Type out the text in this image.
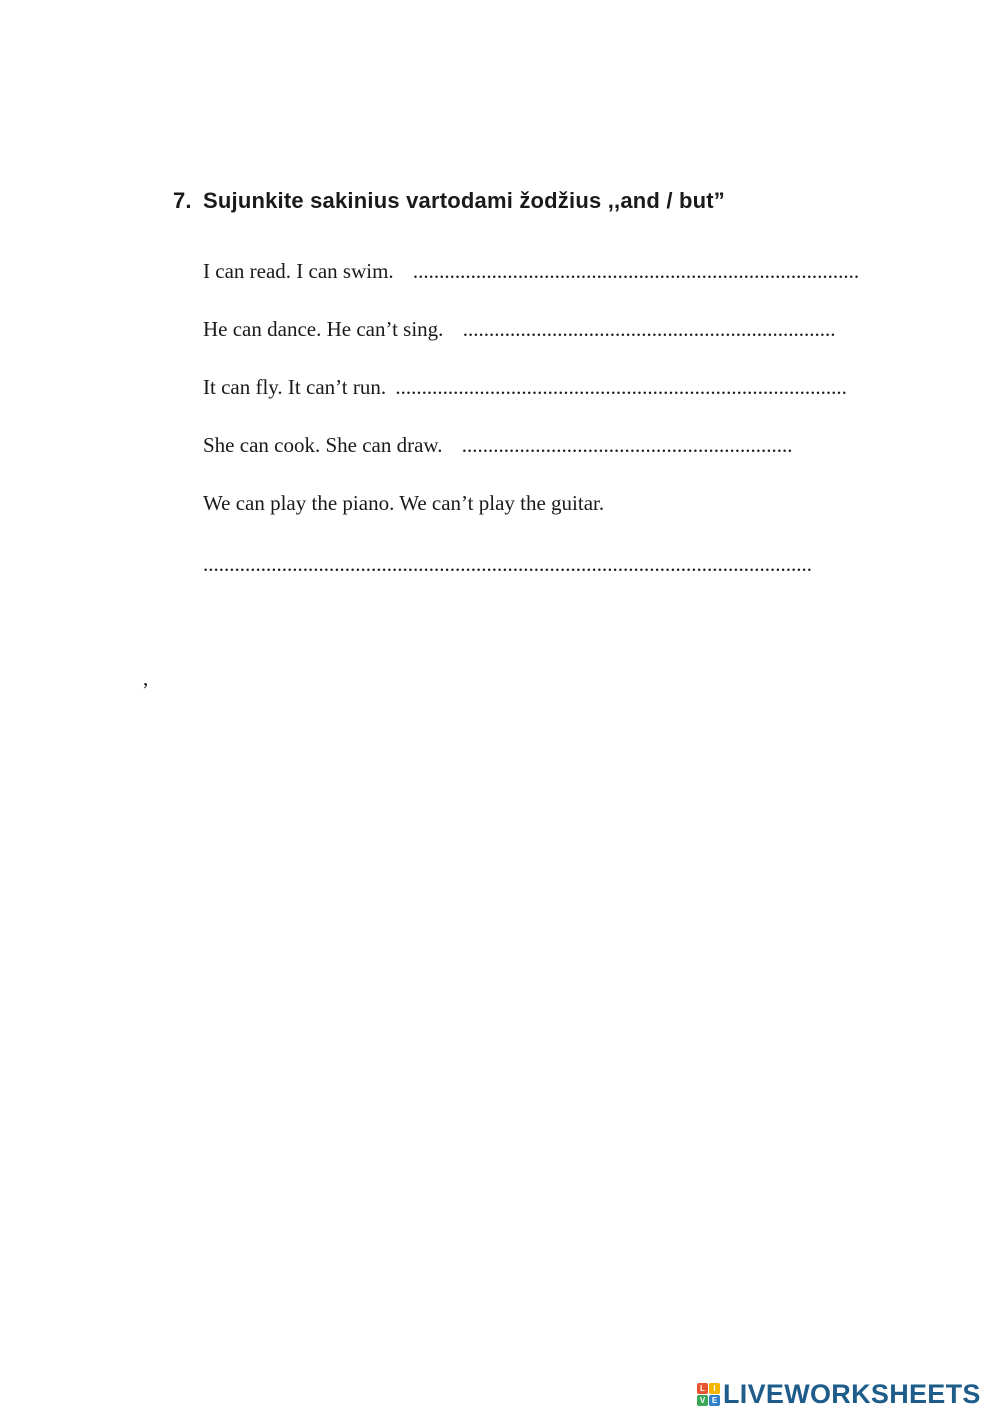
7. Sujunkite sakinius vartodami žodžius ,,and / but”
I can read. I can swim. .....................................................................................
He can dance. He can’t sing. .......................................................................
It can fly. It can’t run. ......................................................................................
She can cook. She can draw. ...............................................................
We can play the piano. We can’t play the guitar.
....................................................................................................................
,
L	I
V E LIVEWORKSHEETS
